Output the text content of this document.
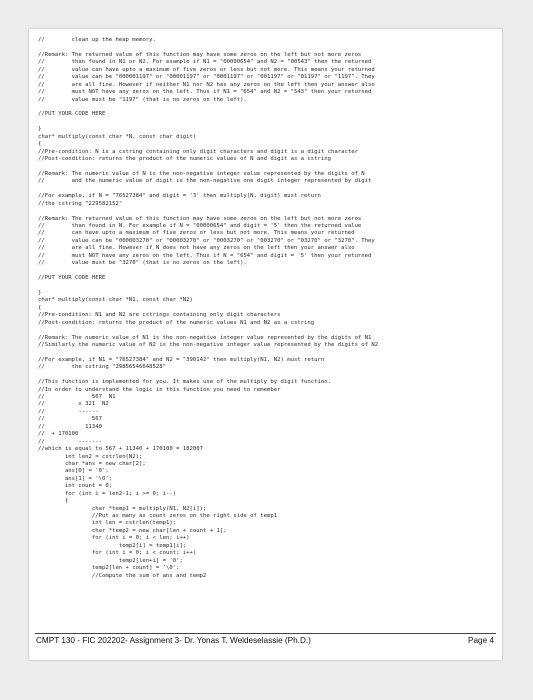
//        clean up the heap memory.
//Remark: The returned value of this function may have some zeros on the left but not more zeros
//        than found in N1 or N2. For example if N1 = "00000654" and N2 = "00543" then the returned
//        value can have upto a maximum of five zeros or less but not more. This means your returned
//        value can be "000001197" or "00001197" or "0001197" or "001197" or "01197" or "1197". They
//        are all fine. However if neither N1 nor N2 has any zeros on the left then your answer also
//        must NOT have any zeros on the left. Thus if N1 = "654" and N2 = "543" then your returned
//        value must be "1197" (that is no zeros on the left).
//PUT YOUR CODE HERE
}
char* multiply(const char *N, const char digit)
{
//Pre-condition: N is a cstring containing only digit characters and digit is a digit character
//Post-condition: returns the product of the numeric values of N and digit as a cstring
//Remark: The numeric value of N is the non-negative integer value represented by the digits of N
//        and the numeric value of digit is the non-negative one digit integer represented by digit
//For example, if N = "76527384" and digit = '3' then multiply(N, digit) must return
//the cstring "229582152"
//Remark: The returned value of this function may have some zeros on the left but not more zeros
//        than found in N. For example if N = "00000654" and digit = '5' then the returned value
//        can have upto a maximum of five zeros or less but not more. This means your returned
//        value can be "000003270" or "00003270" or "0003270" or "003270" or "03270" or "3270". They
//        are all fine. However if N does not have any zeros on the left then your answer also
//        must NOT have any zeros on the left. Thus if N = "654" and digit = '5' then your returned
//        value must be "3270" (that is no zeros on the left).
//PUT YOUR CODE HERE
}
char* multiply(const char *N1, const char *N2)
{
//Pre-condition: N1 and N2 are cstrings containing only digit characters
//Post-condition: returns the product of the numeric values N1 and N2 as a cstring
//Remark: The numeric value of N1 is the non-negative integer value represented by the digits of N1
//Similarly the numeric value of N2 is the non-negative integer value represented by the digits of N2
//For example, if N1 = "76527384" and N2 = "390142" then multiply(N1, N2) must return
//        the cstring "29856546648528"
//This function is implemented for you. It makes use of the multiply by digit function.
//In order to understand the logic in this function you need to remember
//              567  N1
//          x 321  N2
//          ------
//              567
//            11340
//  + 170100
//          -------
//which is equal to 567 + 11340 + 170100 = 182007
int len2 = cstrlen(N2);
char *ans = new char[2];
ans[0] = '0';
ans[1] = '\0';
int count = 0;
for (int i = len2-1; i >= 0; i--)
{
char *temp1 = multiply(N1, N2[i]);
//Put as many as count zeros on the right side of temp1
int len = cstrlen(temp1);
char *temp2 = new char[len + count + 1];
for (int i = 0; i < len; i++)
temp2[i] = temp1[i];
for (int i = 0; i < count; i++)
temp2[len+i] = '0';
temp2[len + count] = '\0';
//Compute the sum of ans and temp2
CMPT 130 - FIC 202202- Assignment 3- Dr. Yonas T. Weldeselassie (Ph.D.)	Page 4
